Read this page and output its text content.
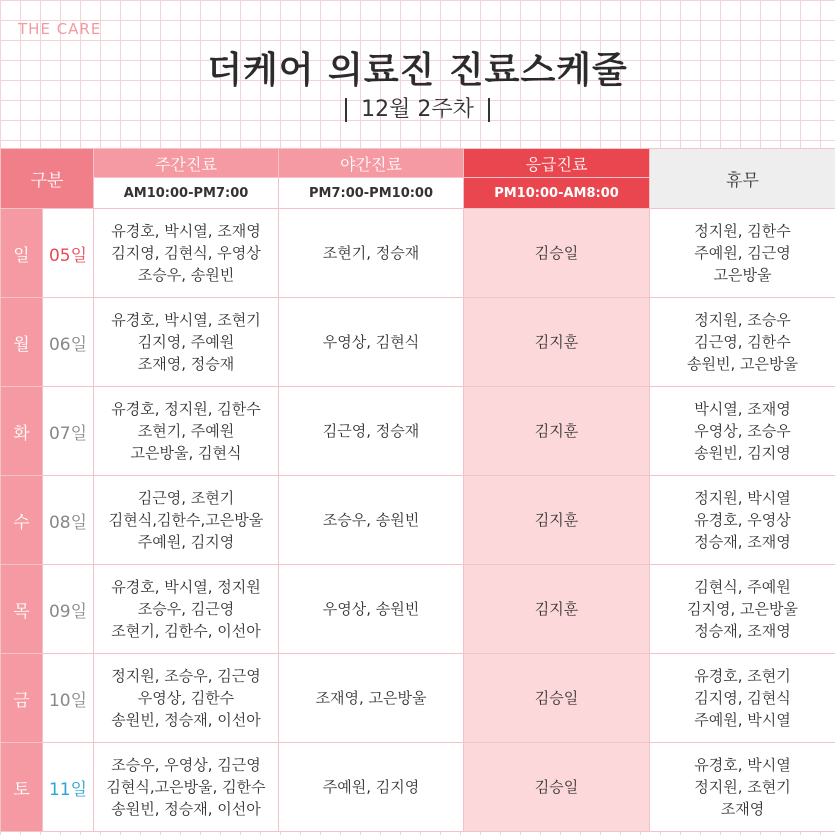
THE CARE
더케어 의료진 진료스케줄
12월 2주차
구분		주간진료	야간진료	응급진료	휴무
		AM10:00-PM7:00	PM7:00-PM10:00	PM10:00-AM8:00	
일	05일	유경호, 박시열, 조재영
김지영, 김현식, 우영상
조승우, 송원빈	조현기, 정승재	김승일	정지원, 김한수
주예원, 김근영
고은방울
월	06일	유경호, 박시열, 조현기
김지영, 주예원
조재영, 정승재	우영상, 김현식	김지훈	정지원, 조승우
김근영, 김한수
송원빈, 고은방울
화	07일	유경호, 정지원, 김한수
조현기, 주예원
고은방울, 김현식	김근영, 정승재	김지훈	박시열, 조재영
우영상, 조승우
송원빈, 김지영
수	08일	김근영, 조현기
김현식,김한수,고은방울
주예원, 김지영	조승우, 송원빈	김지훈	정지원, 박시열
유경호, 우영상
정승재, 조재영
목	09일	유경호, 박시열, 정지원
조승우, 김근영
조현기, 김한수, 이선아	우영상, 송원빈	김지훈	김현식, 주예원
김지영, 고은방울
정승재, 조재영
금	10일	정지원, 조승우, 김근영
우영상, 김한수
송원빈, 정승재, 이선아	조재영, 고은방울	김승일	유경호, 조현기
김지영, 김현식
주예원, 박시열
토	11일	조승우, 우영상, 김근영
김현식,고은방울, 김한수
송원빈, 정승재, 이선아	주예원, 김지영	김승일	유경호, 박시열
정지원, 조현기
조재영
